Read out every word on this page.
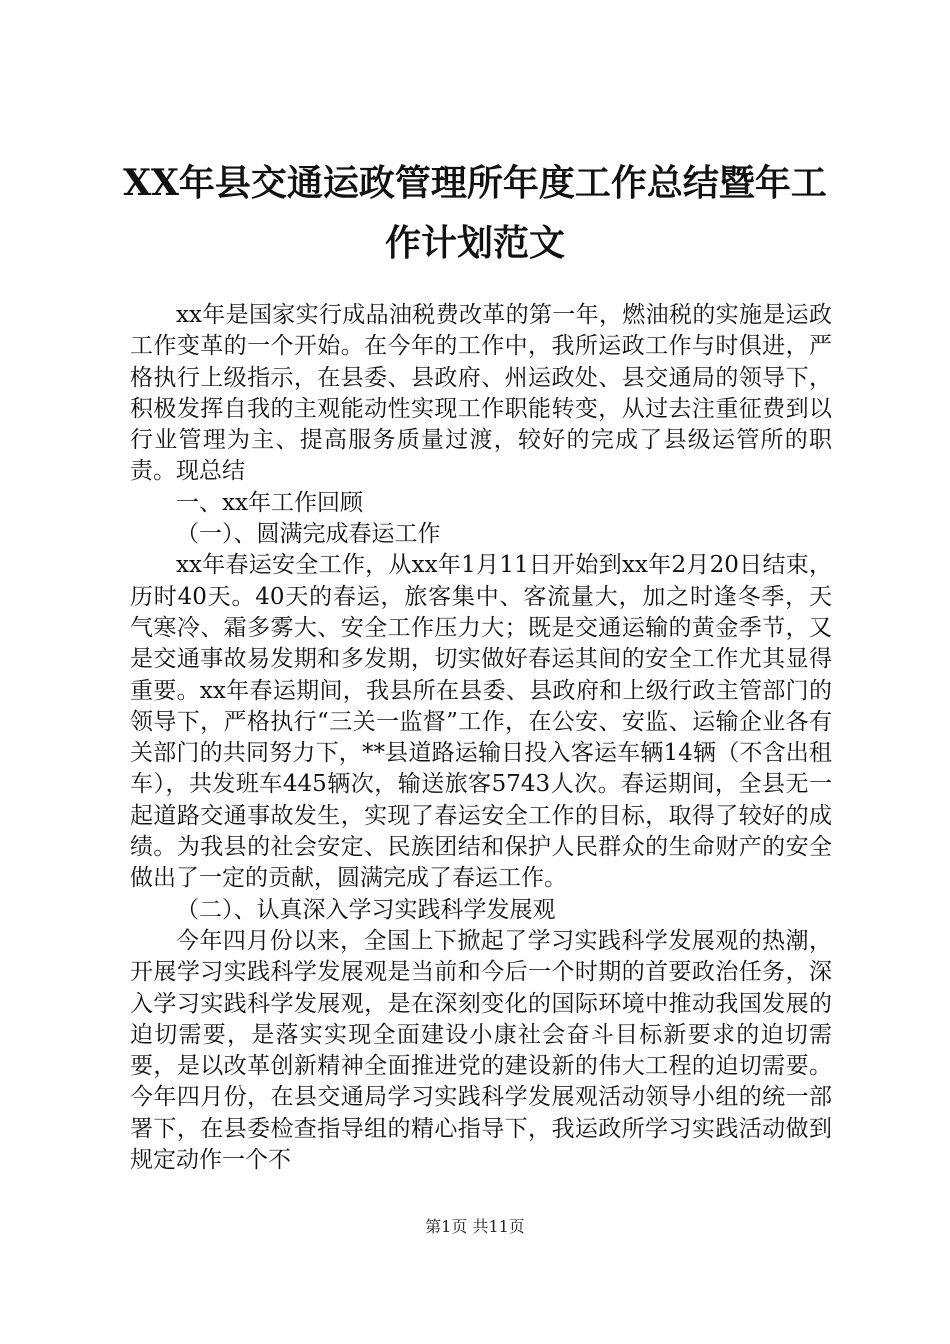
XX年县交通运政管理所年度工作总结暨年工
作计划范文

xx年是国家实行成品油税费改革的第一年，燃油税的实施是运政工作变革的一个开始。在今年的工作中，我所运政工作与时俱进，严格执行上级指示，在县委、县政府、州运政处、县交通局的领导下，积极发挥自我的主观能动性实现工作职能转变，从过去注重征费到以行业管理为主、提高服务质量过渡，较好的完成了县级运管所的职责。现总结

一、xx年工作回顾

（一）、圆满完成春运工作

xx年春运安全工作，从xx年1月11日开始到xx年2月20日结束，历时40天。40天的春运，旅客集中、客流量大，加之时逢冬季，天气寒冷、霜多雾大、安全工作压力大；既是交通运输的黄金季节，又是交通事故易发期和多发期，切实做好春运其间的安全工作尤其显得重要。xx年春运期间，我县所在县委、县政府和上级行政主管部门的领导下，严格执行“三关一监督”工作，在公安、安监、运输企业各有关部门的共同努力下，**县道路运输日投入客运车辆14辆（不含出租车），共发班车445辆次，输送旅客5743人次。春运期间，全县无一起道路交通事故发生，实现了春运安全工作的目标，取得了较好的成绩。为我县的社会安定、民族团结和保护人民群众的生命财产的安全做出了一定的贡献，圆满完成了春运工作。

（二）、认真深入学习实践科学发展观

今年四月份以来，全国上下掀起了学习实践科学发展观的热潮，开展学习实践科学发展观是当前和今后一个时期的首要政治任务，深入学习实践科学发展观，是在深刻变化的国际环境中推动我国发展的迫切需要，是落实实现全面建设小康社会奋斗目标新要求的迫切需要，是以改革创新精神全面推进党的建设新的伟大工程的迫切需要。今年四月份，在县交通局学习实践科学发展观活动领导小组的统一部署下，在县委检查指导组的精心指导下，我运政所学习实践活动做到规定动作一个不

第1页 共11页
